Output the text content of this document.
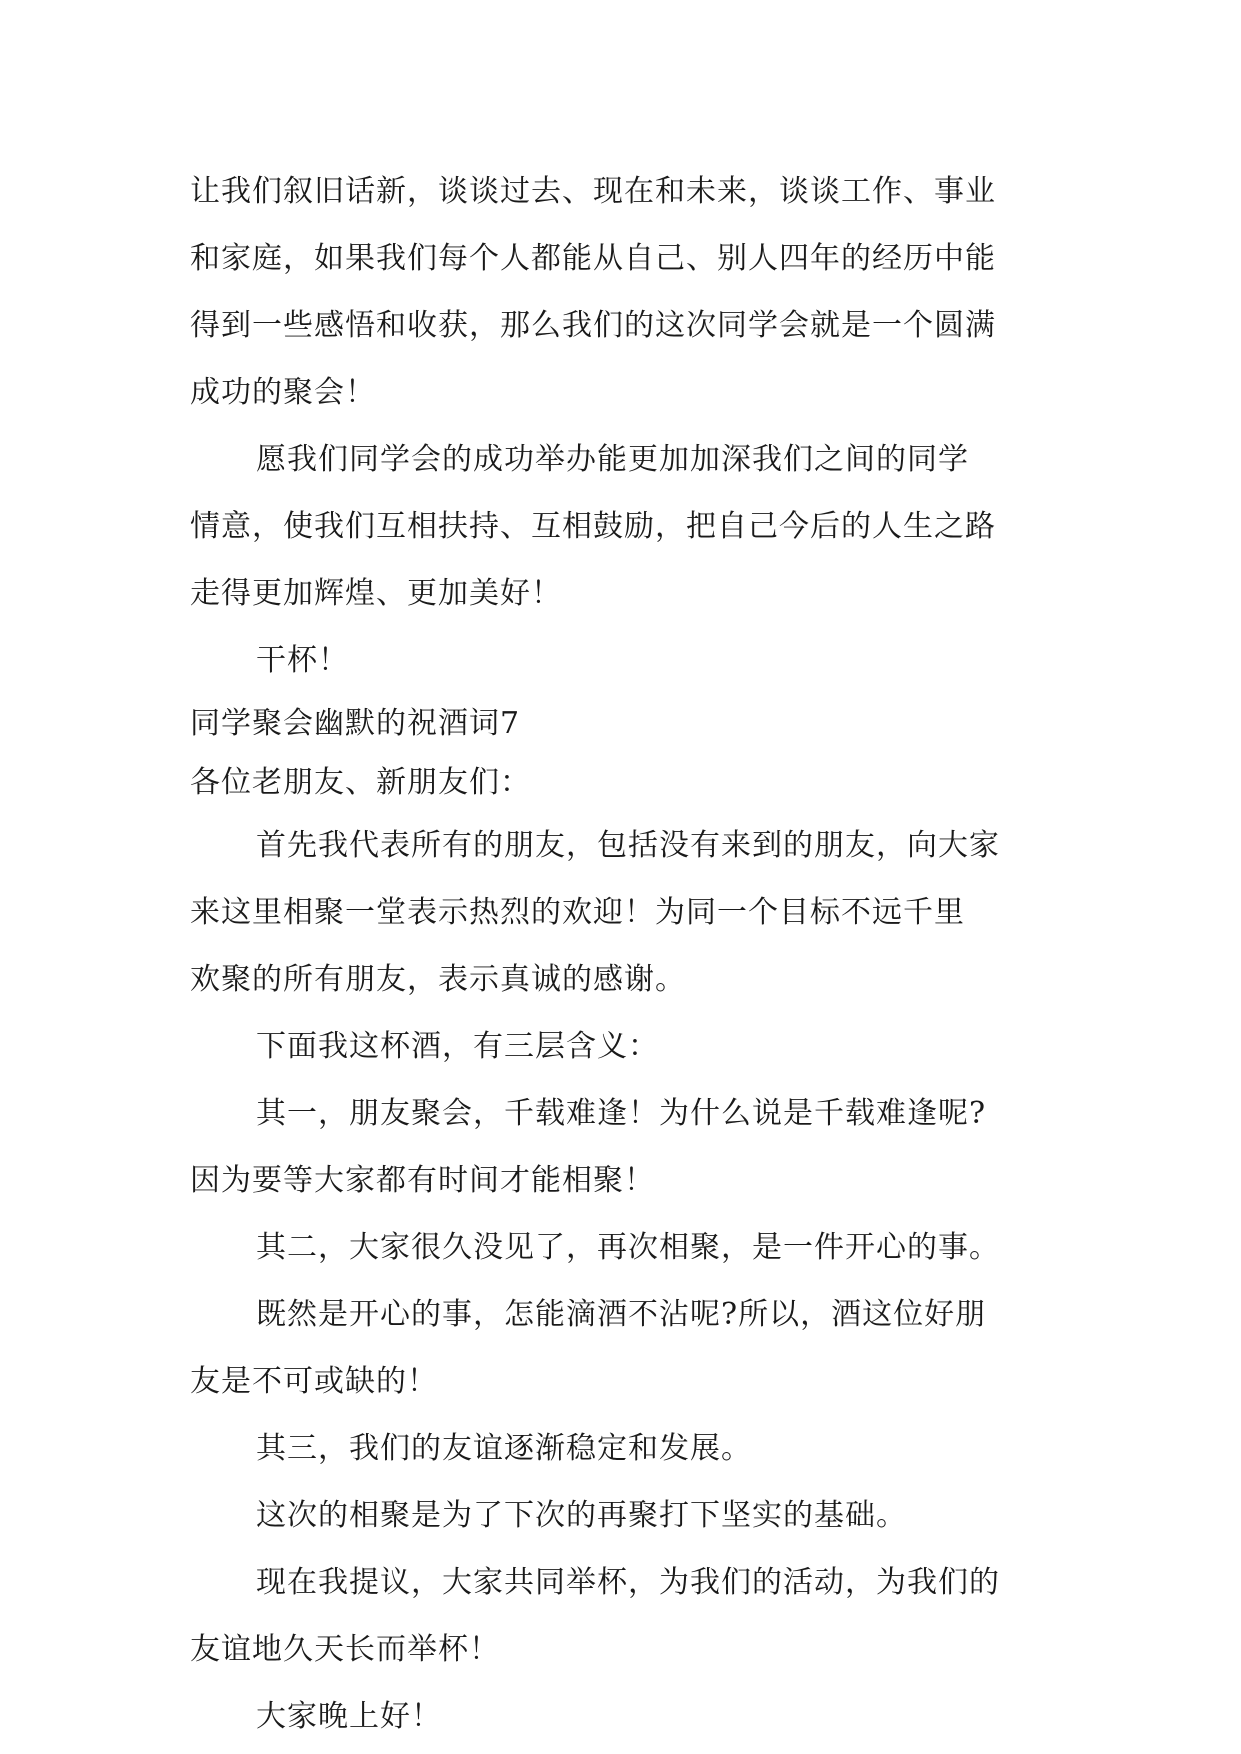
让我们叙旧话新，谈谈过去、现在和未来，谈谈工作、事业
和家庭，如果我们每个人都能从自己、别人四年的经历中能
得到一些感悟和收获，那么我们的这次同学会就是一个圆满
成功的聚会！
愿我们同学会的成功举办能更加加深我们之间的同学
情意，使我们互相扶持、互相鼓励，把自己今后的人生之路
走得更加辉煌、更加美好！
干杯！
同学聚会幽默的祝酒词7
各位老朋友、新朋友们：
首先我代表所有的朋友，包括没有来到的朋友，向大家
来这里相聚一堂表示热烈的欢迎！为同一个目标不远千里
欢聚的所有朋友，表示真诚的感谢。
下面我这杯酒，有三层含义：
其一，朋友聚会，千载难逢！为什么说是千载难逢呢?
因为要等大家都有时间才能相聚！
其二，大家很久没见了，再次相聚，是一件开心的事。
既然是开心的事，怎能滴酒不沾呢?所以，酒这位好朋
友是不可或缺的！
其三，我们的友谊逐渐稳定和发展。
这次的相聚是为了下次的再聚打下坚实的基础。
现在我提议，大家共同举杯，为我们的活动，为我们的
友谊地久天长而举杯！
大家晚上好！
